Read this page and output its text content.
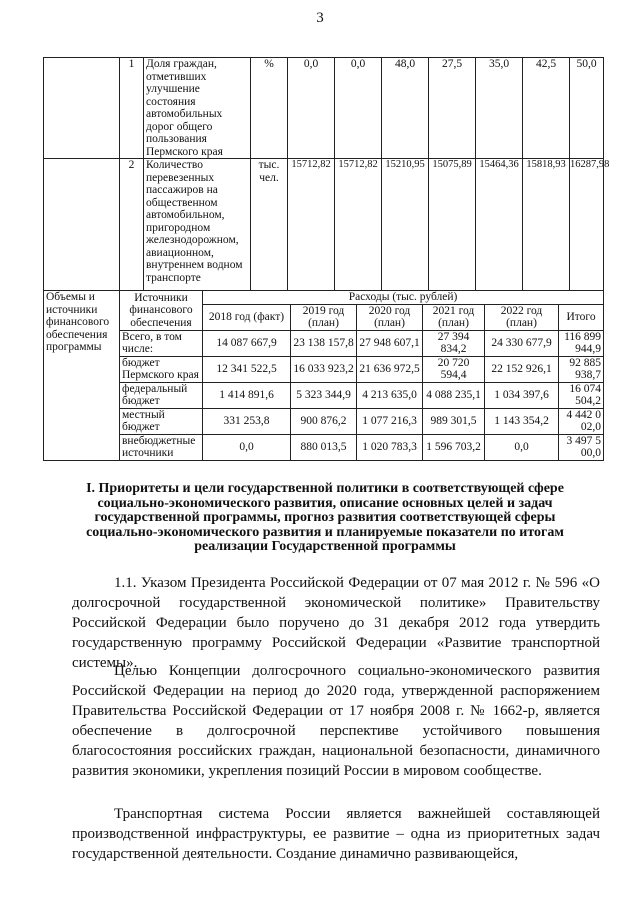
3
	1	Доля граждан, отметивших улучшение состояния автомобильных дорог общего пользования Пермского края	%	0,0	0,0	48,0	27,5	35,0	42,5	50,0
	2	Количество перевезенных пассажиров на общественном автомобильном, пригородном железнодорожном, авиационном, внутреннем водном транспорте	тыс. чел.	15712,82	15712,82	15210,95	15075,89	15464,36	15818,93	16287,98
Объемы и источники финансового обеспечения программы	Источники финансового обеспечения	Расходы (тыс. рублей)					
		2018 год (факт)	2019 год (план)	2020 год (план)	2021 год (план)	2022 год (план)	Итого
	Всего, в том числе:	14 087 667,9	23 138 157,8	27 948 607,1	27 394 834,2	24 330 677,9	116 899 944,9
	бюджет Пермского края	12 341 522,5	16 033 923,2	21 636 972,5	20 720 594,4	22 152 926,1	92 885 938,7
	федеральный бюджет	1 414 891,6	5 323 344,9	4 213 635,0	4 088 235,1	1 034 397,6	16 074 504,2
	местный бюджет	331 253,8	900 876,2	1 077 216,3	989 301,5	1 143 354,2	4 442 002,0
	внебюджетные источники	0,0	880 013,5	1 020 783,3	1 596 703,2	0,0	3 497 500,0
I. Приоритеты и цели государственной политики в соответствующей сфере социально-экономического развития, описание основных целей и задач государственной программы, прогноз развития соответствующей сферы социально-экономического развития и планируемые показатели по итогам реализации Государственной программы

1.1. Указом Президента Российской Федерации от 07 мая 2012 г. № 596 «О долгосрочной государственной экономической политике» Правительству Российской Федерации было поручено до 31 декабря 2012 года утвердить государственную программу Российской Федерации «Развитие транспортной системы».

Целью Концепции долгосрочного социально-экономического развития Российской Федерации на период до 2020 года, утвержденной распоряжением Правительства Российской Федерации от 17 ноября 2008 г. № 1662-р, является обеспечение в долгосрочной перспективе устойчивого повышения благосостояния российских граждан, национальной безопасности, динамичного развития экономики, укрепления позиций России в мировом сообществе.

Транспортная система России является важнейшей составляющей производственной инфраструктуры, ее развитие – одна из приоритетных задач государственной деятельности. Создание динамично развивающейся,
